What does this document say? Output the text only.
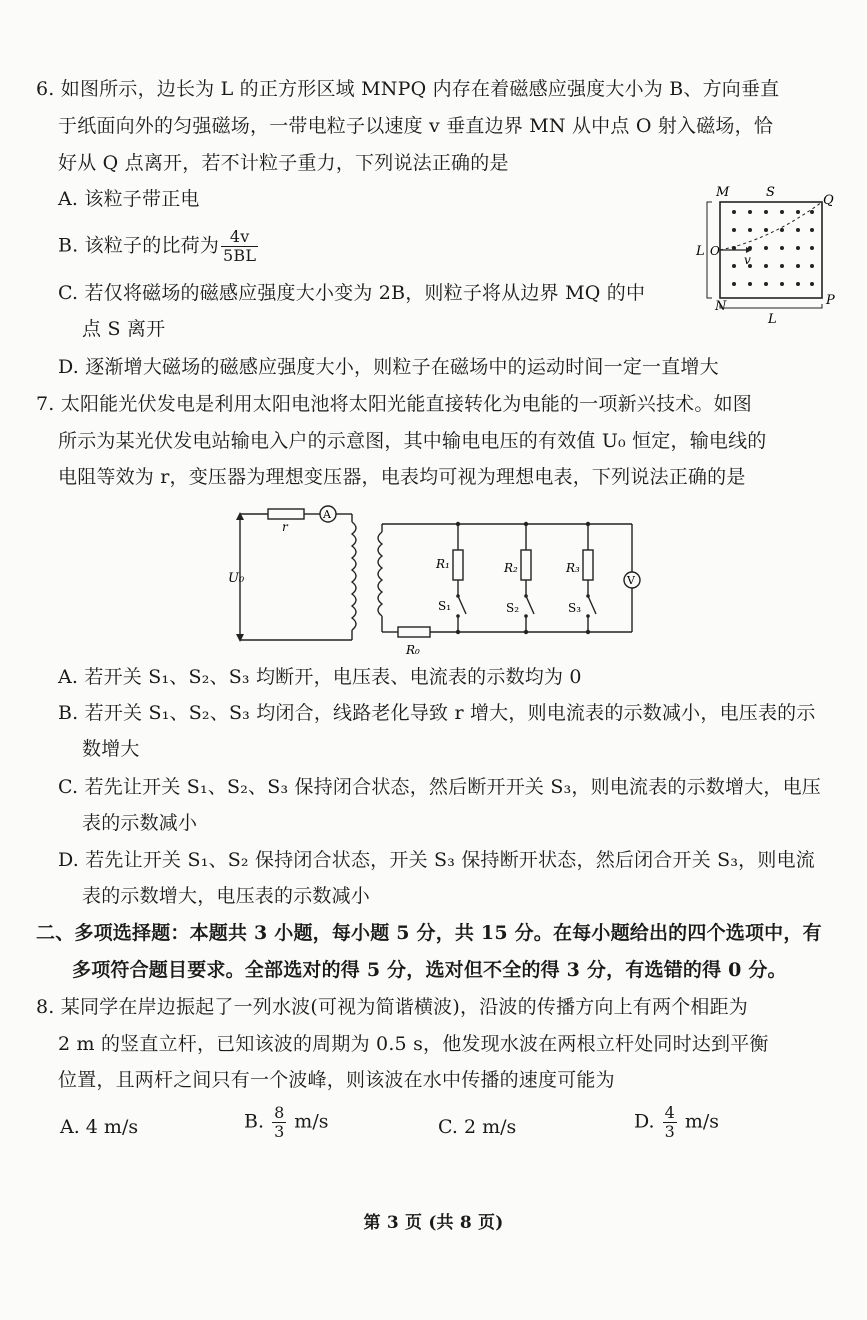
6. 如图所示，边长为 L 的正方形区域 MNPQ 内存在着磁感应强度大小为 B、方向垂直
于纸面向外的匀强磁场，一带电粒子以速度 v 垂直边界 MN 从中点 O 射入磁场，恰
好从 Q 点离开，若不计粒子重力，下列说法正确的是
A. 该粒子带正电
B. 该粒子的比荷为 $\frac{4v}{5BL}$
C. 若仅将磁场的磁感应强度大小变为 2B，则粒子将从边界 MQ 的中
点 S 离开
D. 逐渐增大磁场的磁感应强度大小，则粒子在磁场中的运动时间一定一直增大
M	S
Q
L O
v
N	P
L
7. 太阳能光伏发电是利用太阳电池将太阳光能直接转化为电能的一项新兴技术。如图
所示为某光伏发电站输电入户的示意图，其中输电电压的有效值 U₀ 恒定，输电线的
电阻等效为 r，变压器为理想变压器，电表均可视为理想电表，下列说法正确的是
r
A
U₀
R₀
R₁	R₂	R₃
S₁	S₂	S₃
V
A. 若开关 S₁、S₂、S₃ 均断开，电压表、电流表的示数均为 0
B. 若开关 S₁、S₂、S₃ 均闭合，线路老化导致 r 增大，则电流表的示数减小，电压表的示
数增大
C. 若先让开关 S₁、S₂、S₃ 保持闭合状态，然后断开开关 S₃，则电流表的示数增大，电压
表的示数减小
D. 若先让开关 S₁、S₂ 保持闭合状态，开关 S₃ 保持断开状态，然后闭合开关 S₃，则电流
表的示数增大，电压表的示数减小
二、多项选择题：本题共 3 小题，每小题 5 分，共 15 分。在每小题给出的四个选项中，有
多项符合题目要求。全部选对的得 5 分，选对但不全的得 3 分，有选错的得 0 分。
8. 某同学在岸边振起了一列水波(可视为简谐横波)，沿波的传播方向上有两个相距为
2 m 的竖直立杆，已知该波的周期为 0.5 s，他发现水波在两根立杆处同时达到平衡
位置，且两杆之间只有一个波峰，则该波在水中传播的速度可能为
A. 4 m/s	B. $\frac{8}{3} m/s$	C. 2 m/s	D. $\frac{4}{3} m/s$
第 3 页 (共 8 页)
